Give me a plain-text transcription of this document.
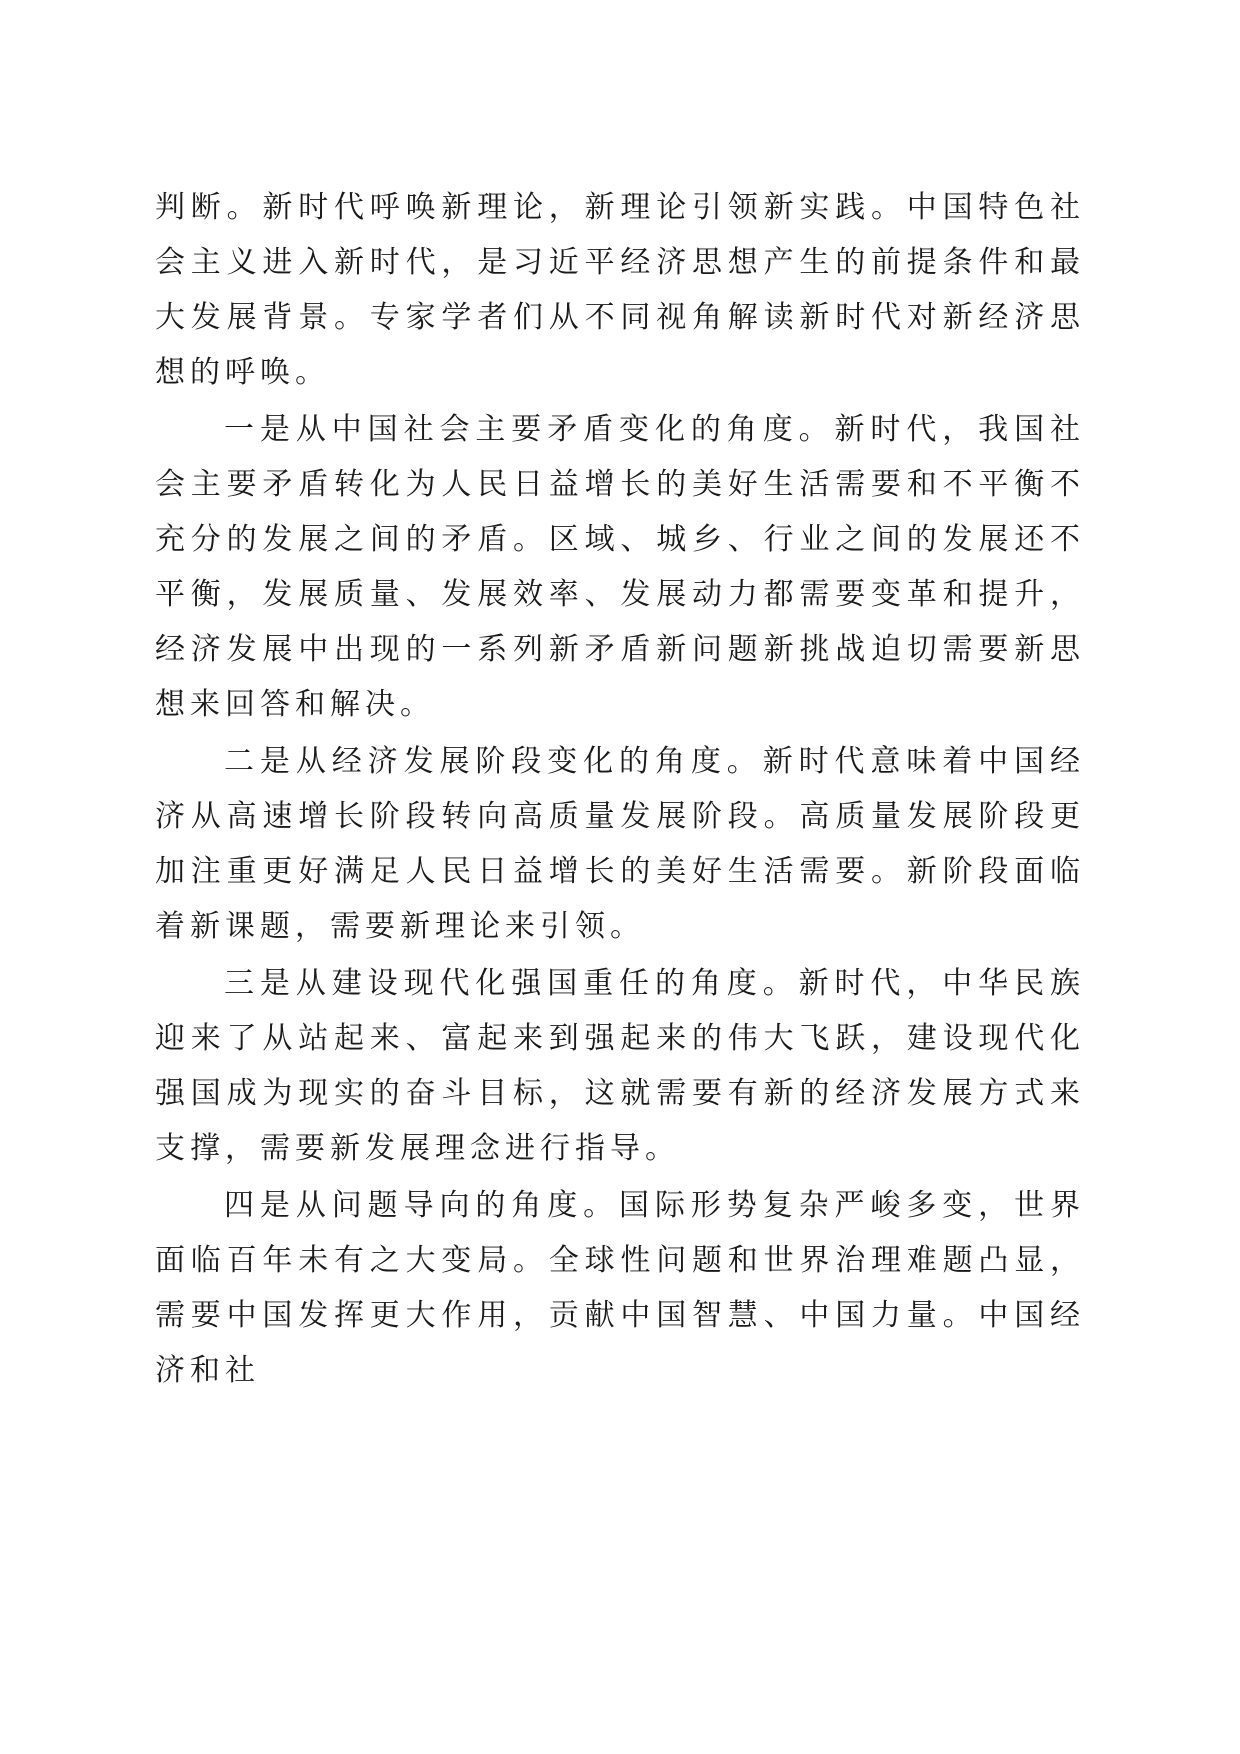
判断。新时代呼唤新理论，新理论引领新实践。中国特色社会主义进入新时代，是习近平经济思想产生的前提条件和最大发展背景。专家学者们从不同视角解读新时代对新经济思想的呼唤。

一是从中国社会主要矛盾变化的角度。新时代，我国社会主要矛盾转化为人民日益增长的美好生活需要和不平衡不充分的发展之间的矛盾。区域、城乡、行业之间的发展还不平衡，发展质量、发展效率、发展动力都需要变革和提升，经济发展中出现的一系列新矛盾新问题新挑战迫切需要新思想来回答和解决。

二是从经济发展阶段变化的角度。新时代意味着中国经济从高速增长阶段转向高质量发展阶段。高质量发展阶段更加注重更好满足人民日益增长的美好生活需要。新阶段面临着新课题，需要新理论来引领。

三是从建设现代化强国重任的角度。新时代，中华民族迎来了从站起来、富起来到强起来的伟大飞跃，建设现代化强国成为现实的奋斗目标，这就需要有新的经济发展方式来支撑，需要新发展理念进行指导。

四是从问题导向的角度。国际形势复杂严峻多变，世界面临百年未有之大变局。全球性问题和世界治理难题凸显，需要中国发挥更大作用，贡献中国智慧、中国力量。中国经济和社
